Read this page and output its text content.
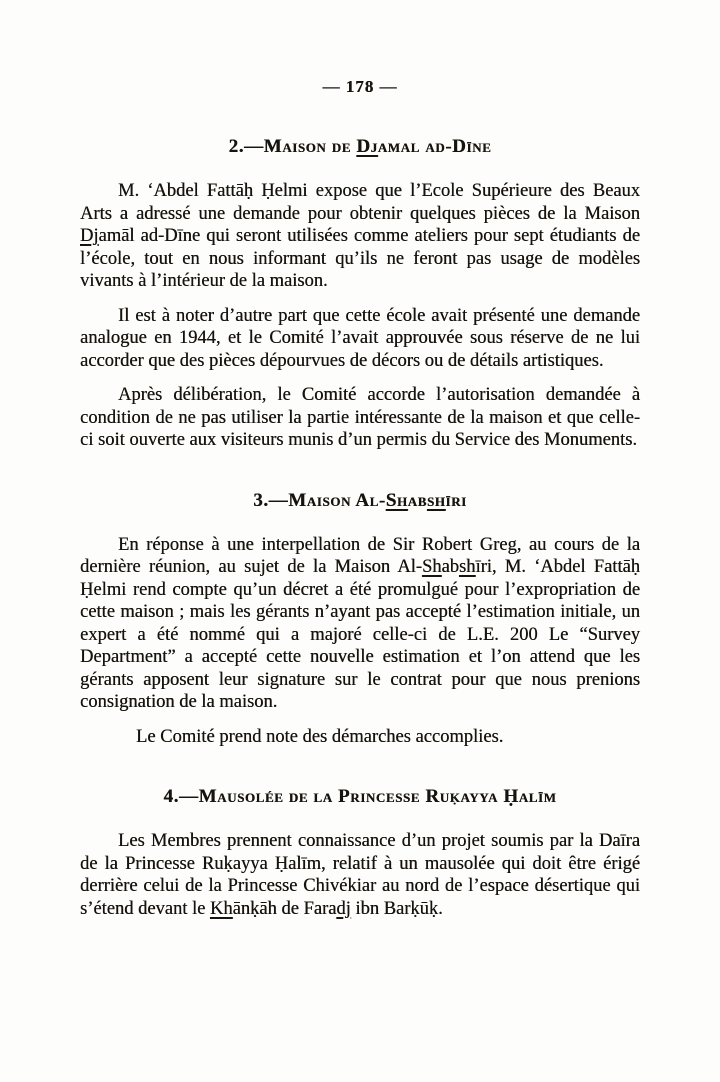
— 178 —

2.—Maison de Djamal ad-Dīne

M. ‘Abdel Fattāḥ Ḥelmi expose que l’Ecole Supérieure des Beaux Arts a adressé une demande pour obtenir quelques pièces de la Maison Djamāl ad-Dīne qui seront utilisées comme ateliers pour sept étudiants de l’école, tout en nous informant qu’ils ne feront pas usage de modèles vivants à l’intérieur de la maison.

Il est à noter d’autre part que cette école avait présenté une demande analogue en 1944, et le Comité l’avait approuvée sous réserve de ne lui accorder que des pièces dépourvues de décors ou de détails artistiques.

Après délibération, le Comité accorde l’autorisation demandée à condition de ne pas utiliser la partie intéressante de la maison et que celle-ci soit ouverte aux visiteurs munis d’un permis du Service des Monuments.

3.—Maison Al-Shabshīri

En réponse à une interpellation de Sir Robert Greg, au cours de la dernière réunion, au sujet de la Maison Al-Shabshīri, M. ‘Abdel Fattāḥ Ḥelmi rend compte qu’un décret a été promulgué pour l’expropriation de cette maison ; mais les gérants n’ayant pas accepté l’estimation initiale, un expert a été nommé qui a majoré celle-ci de L.E. 200 Le “Survey Department” a accepté cette nouvelle estimation et l’on attend que les gérants apposent leur signature sur le contrat pour que nous prenions consignation de la maison.

Le Comité prend note des démarches accomplies.

4.—Mausolée de la Princesse Ruḳayya Ḥalīm

Les Membres prennent connaissance d’un projet soumis par la Daīra de la Princesse Ruḳayya Ḥalīm, relatif à un mausolée qui doit être érigé derrière celui de la Princesse Chivékiar au nord de l’espace désertique qui s’étend devant le Khānḳāh de Faradj ibn Barḳūḳ.
